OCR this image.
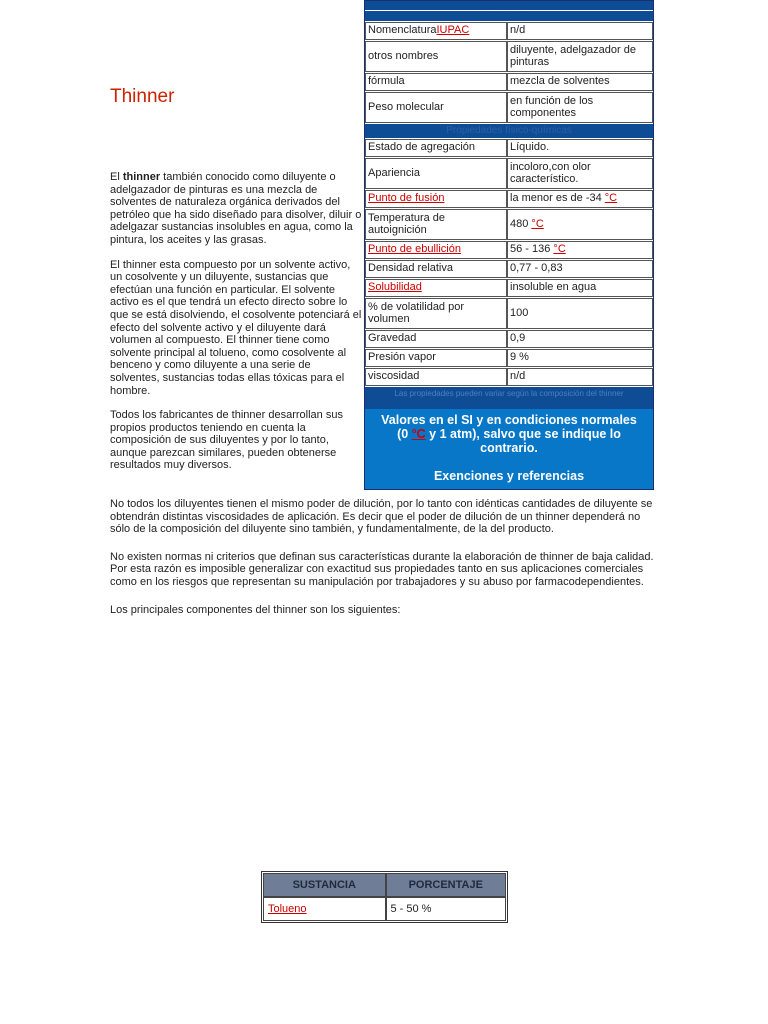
Thinner

El thinner también conocido como diluyente o adelgazador de pinturas es una mezcla de solventes de naturaleza orgánica derivados del petróleo que ha sido diseñado para disolver, diluir o adelgazar sustancias insolubles en agua, como la pintura, los aceites y las grasas.

El thinner esta compuesto por un solvente activo, un cosolvente y un diluyente, sustancias que efectúan una función en particular. El solvente activo es el que tendrá un efecto directo sobre lo que se está disolviendo, el cosolvente potenciará el efecto del solvente activo y el diluyente dará volumen al compuesto. El thinner tiene como solvente principal al tolueno, como cosolvente al benceno y como diluyente a una serie de solventes, sustancias todas ellas tóxicas para el hombre.

Todos los fabricantes de thinner desarrollan sus propios productos teniendo en cuenta la composición de sus diluyentes y por lo tanto, aunque parezcan similares, pueden obtenerse resultados muy diversos.

No todos los diluyentes tienen el mismo poder de dilución, por lo tanto con idénticas cantidades de diluyente se obtendrán distintas viscosidades de aplicación. Es decir que el poder de dilución de un thinner dependerá no sólo de la composición del diluyente sino también, y fundamentalmente, de la del producto.

No existen normas ni criterios que definan sus características durante la elaboración de thinner de baja calidad. Por esta razón es imposible generalizar con exactitud sus propiedades tanto en sus aplicaciones comerciales como en los riesgos que representan su manipulación por trabajadores y su abuso por farmacodependientes.

Los principales componentes del thinner son los siguientes:

Thinner
General
Nomenclatura IUPAC	n/d
otros nombres	diluyente, adelgazador de pinturas
fórmula	mezcla de solventes
Peso molecular	en función de los componentes
Propiedades físico-químicas
Estado de agregación	Líquido.
Apariencia	incoloro,con olor característico.
Punto de fusión	la menor es de -34 °C
Temperatura de autoignición	480 °C
Punto de ebullición	56 - 136 °C
Densidad relativa	0,77 - 0,83
Solubilidad	insoluble en agua
% de volatilidad por volumen	100
Gravedad	0,9
Presión vapor	9 %
viscosidad	n/d
Las propiedades pueden variar según la composición del thinner
Valores en el SI y en condiciones normales
(0 °C y 1 atm), salvo que se indique lo contrario.
Exenciones y referencias
SUSTANCIA	PORCENTAJE
Tolueno	5 - 50 %
